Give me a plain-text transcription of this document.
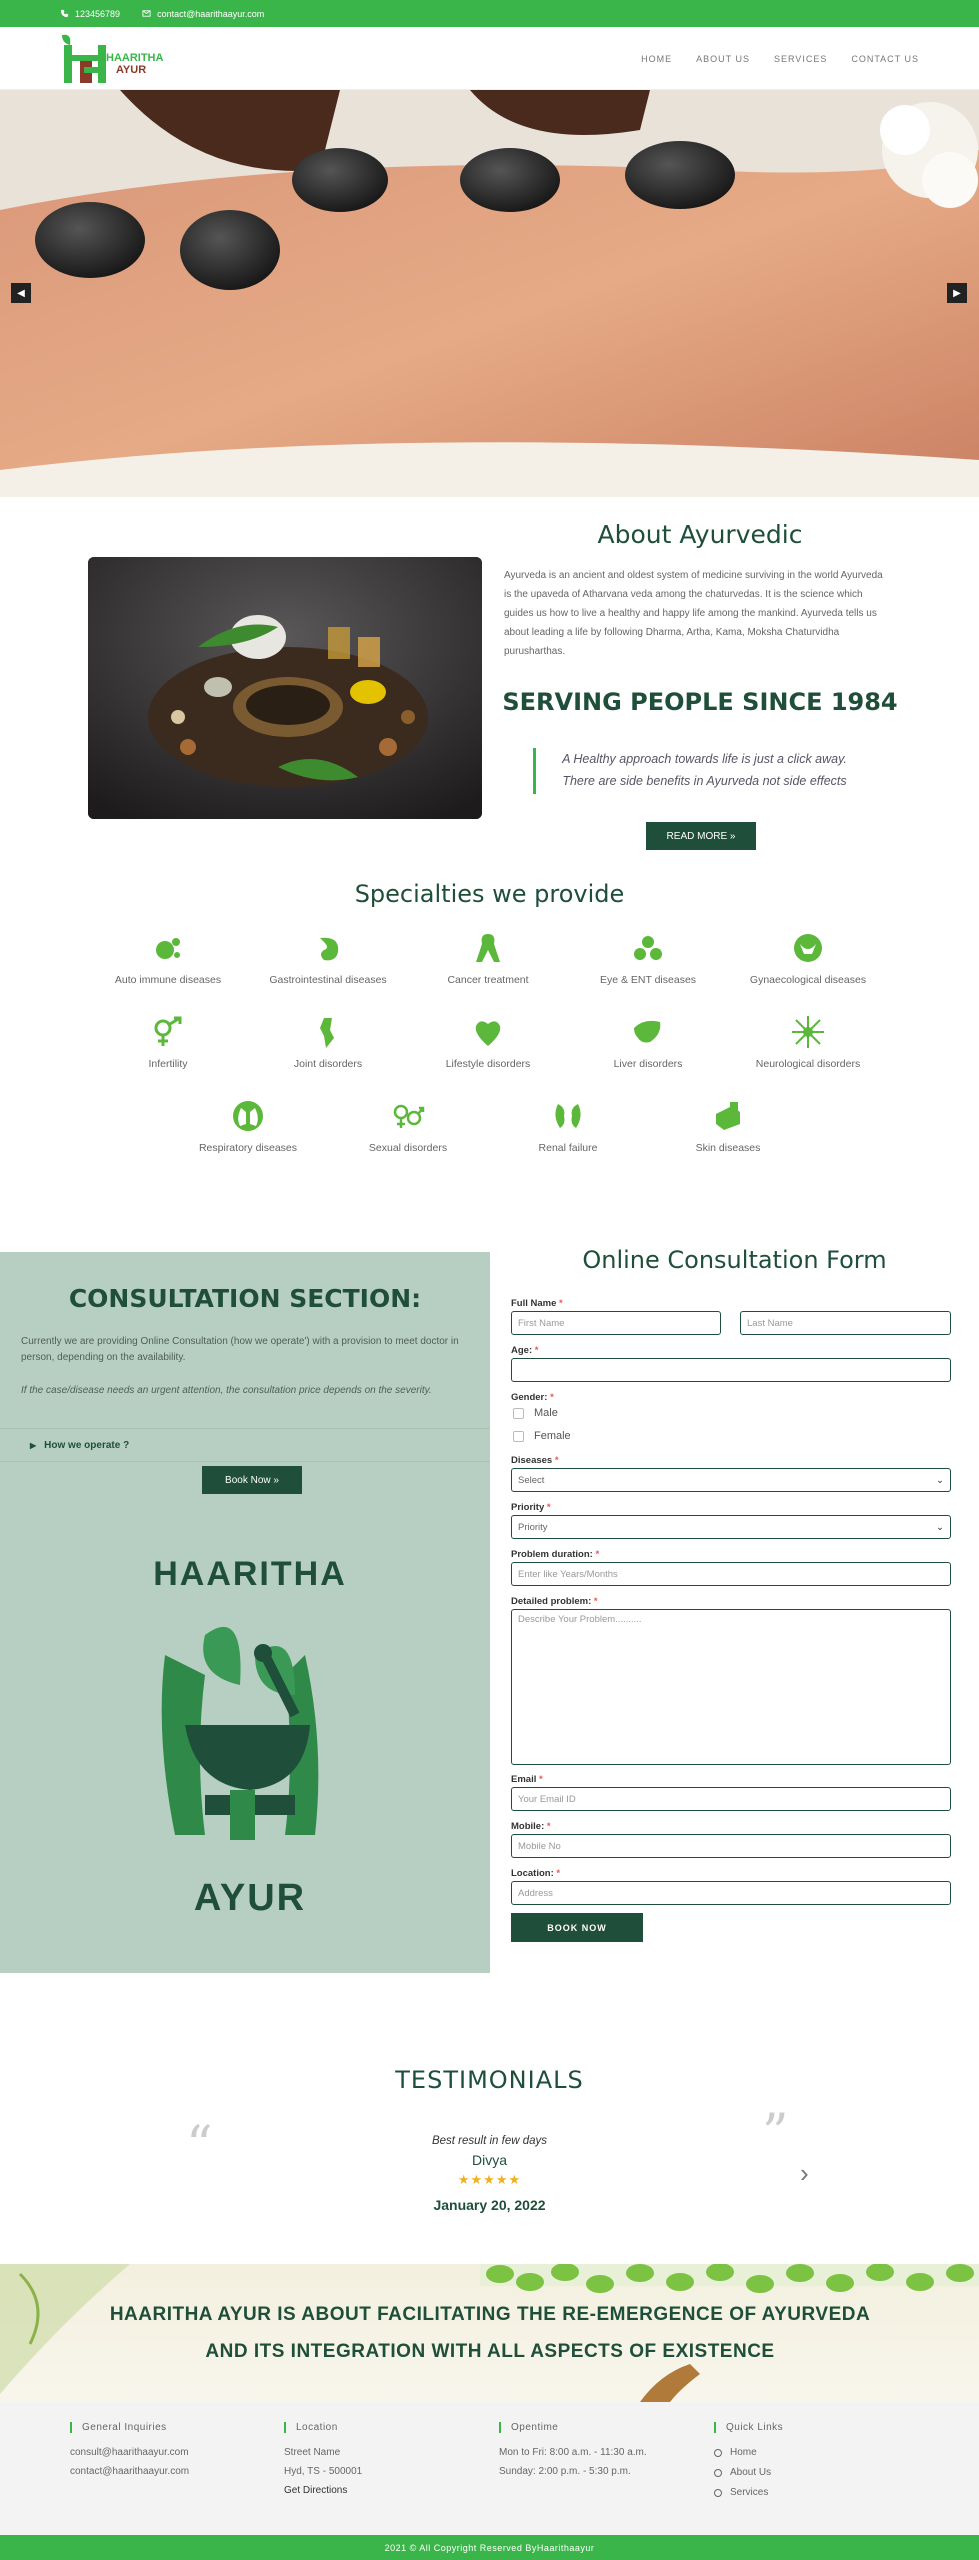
123456789	contact@haarithaayur.com
HAARITHA
AYUR
HOME	ABOUT US	SERVICES	CONTACT US
◀	▶
About Ayurvedic
Ayurveda is an ancient and oldest system of medicine surviving in the world Ayurveda is the upaveda of Atharvana veda among the chaturvedas. It is the science which guides us how to live a healthy and happy life among the mankind. Ayurveda tells us about leading a life by following Dharma, Artha, Kama, Moksha Chaturvidha purusharthas.
SERVING PEOPLE SINCE 1984
A Healthy approach towards life is just a click away.
There are side benefits in Ayurveda not side effects
READ MORE »
Specialties we provide
Auto immune diseases	Gastrointestinal diseases	Cancer treatment	Eye & ENT diseases	Gynaecological diseases
Infertility	Joint disorders	Lifestyle disorders	Liver disorders	Neurological disorders
Respiratory diseases	Sexual disorders	Renal failure	Skin diseases
CONSULTATION SECTION:
Currently we are providing Online Consultation (how we operate') with a provision to meet doctor in person, depending on the availability.
If the case/disease needs an urgent attention, the consultation price depends on the severity.
▶ How we operate ?
Book Now »
HAARITHA
AYUR
Online Consultation Form
Full Name *
First Name	Last Name
Age: *
Gender: *
Male
Female
Diseases *
Select	⌄
Priority *
Priority	⌄
Problem duration: *
Enter like Years/Months
Detailed problem: *
Describe Your Problem..........
Email *
Your Email ID
Mobile: *
Mobile No
Location: *
Address
BOOK NOW
TESTIMONIALS
“	”
Best result in few days
Divya
★★★★★
January 20, 2022
›
HAARITHA AYUR IS ABOUT FACILITATING THE RE-EMERGENCE OF AYURVEDA
AND ITS INTEGRATION WITH ALL ASPECTS OF EXISTENCE
General Inquiries
consult@haarithaayur.com
contact@haarithaayur.com
Location
Street Name
Hyd, TS - 500001
Get Directions
Opentime
Mon to Fri: 8:00 a.m. - 11:30 a.m.
Sunday: 2:00 p.m. - 5:30 p.m.
Quick Links
Home
About Us
Services
2021 © All Copyright Reserved ByHaarithaayur
